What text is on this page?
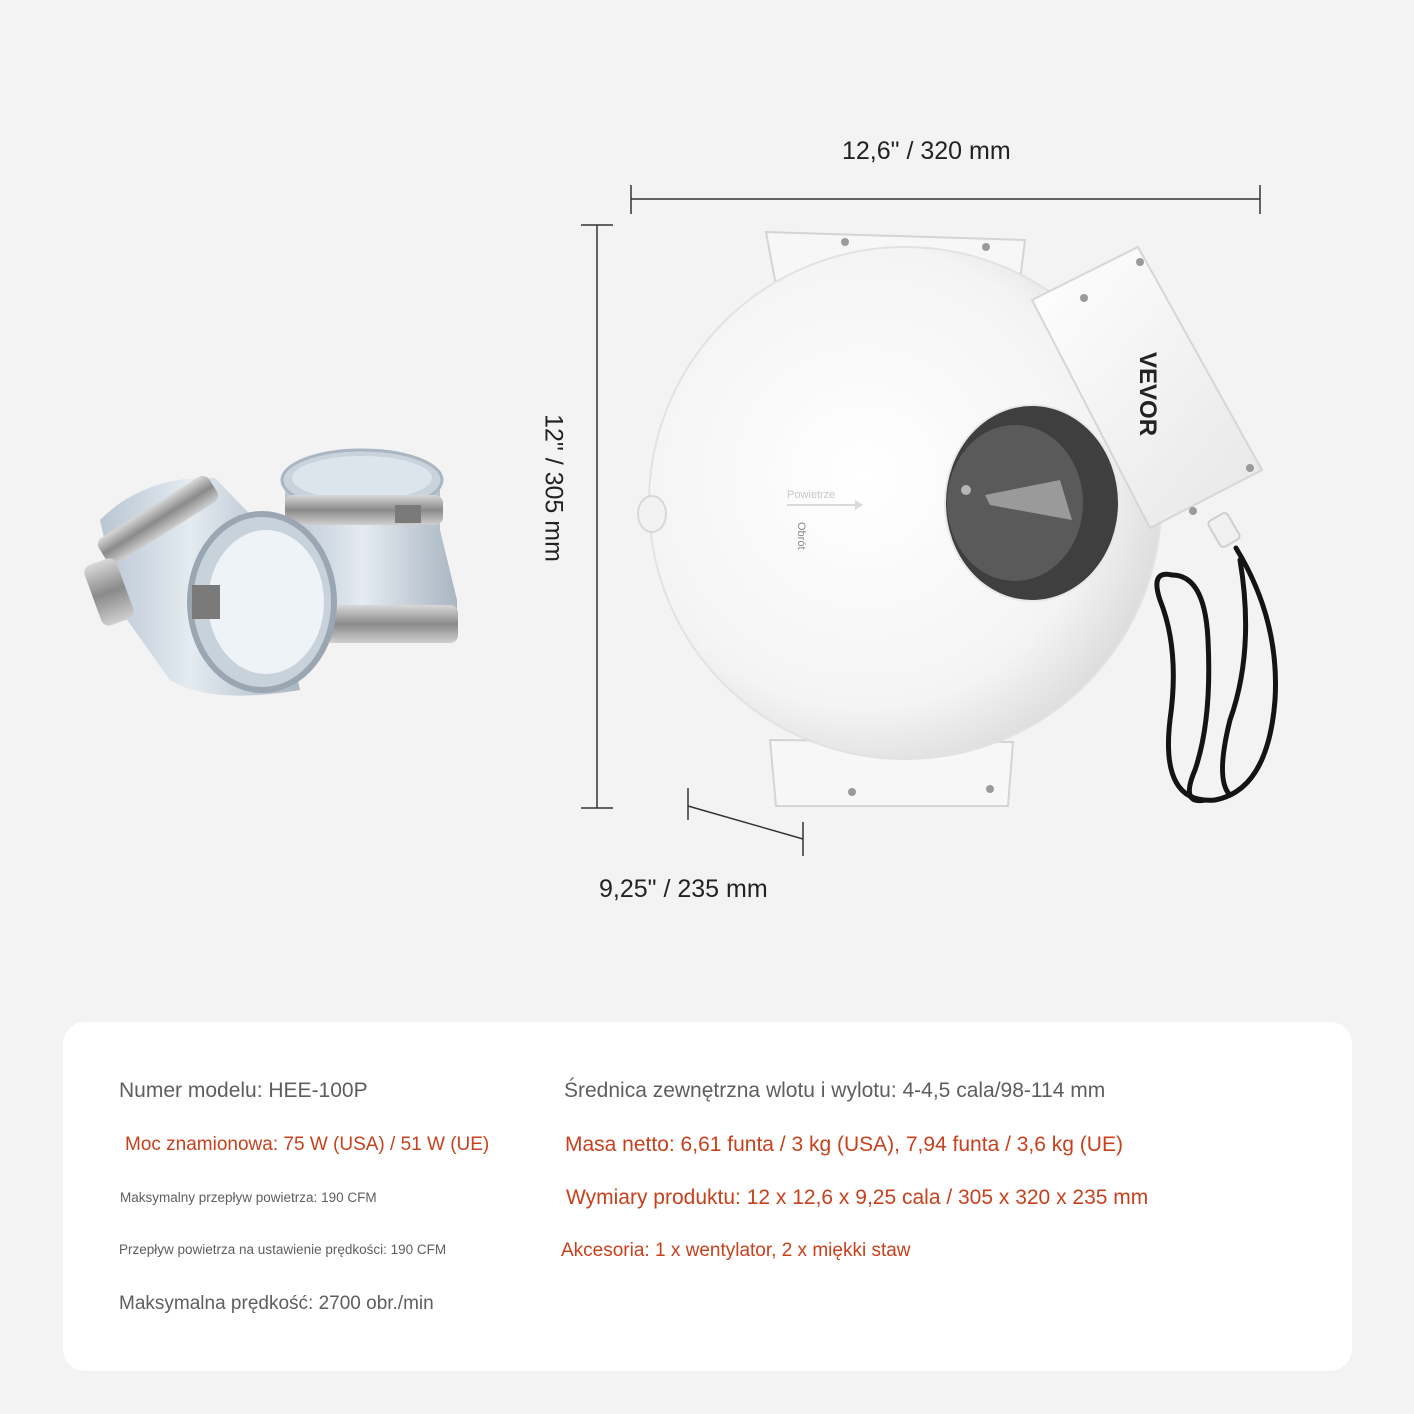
Powietrze
Obrót
VEVOR
12,6" / 320 mm
12" / 305 mm
9,25" / 235 mm
Numer modelu: HEE-100P
Moc znamionowa: 75 W (USA) / 51 W (UE)
Maksymalny przepływ powietrza: 190 CFM
Przepływ powietrza na ustawienie prędkości: 190 CFM
Maksymalna prędkość: 2700 obr./min
Średnica zewnętrzna wlotu i wylotu: 4-4,5 cala/98-114 mm
Masa netto: 6,61 funta / 3 kg (USA), 7,94 funta / 3,6 kg (UE)
Wymiary produktu: 12 x 12,6 x 9,25 cala / 305 x 320 x 235 mm
Akcesoria: 1 x wentylator, 2 x miękki staw
